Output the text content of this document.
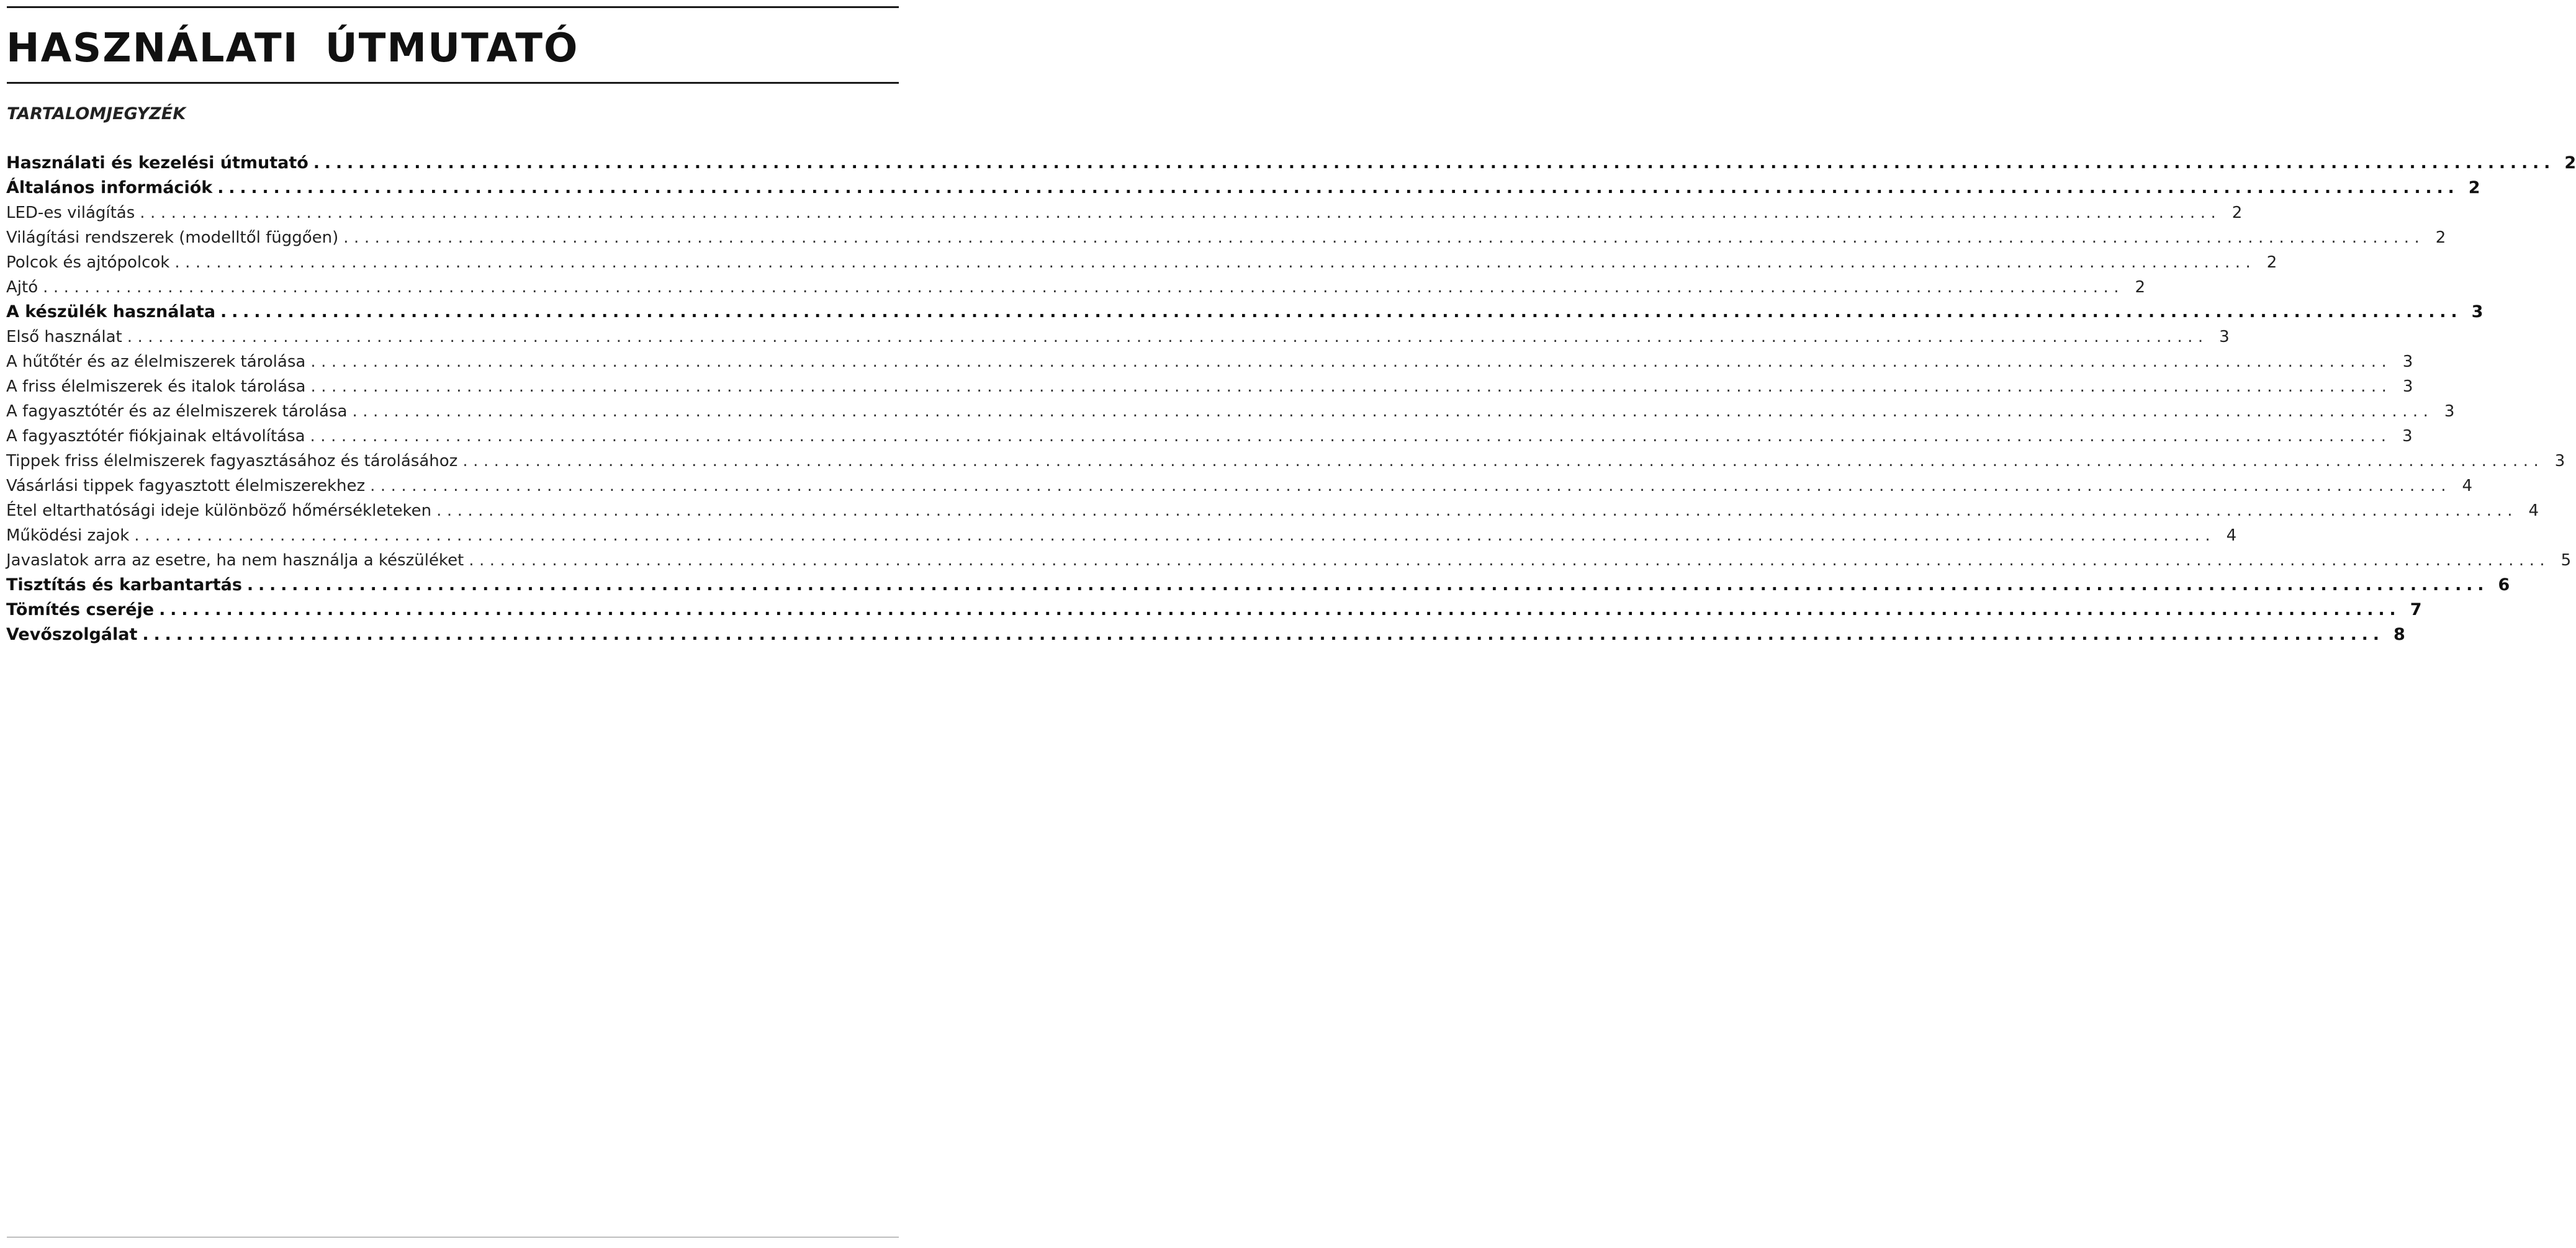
HASZNÁLATI ÚTMUTATÓ
TARTALOMJEGYZÉK
Használati és kezelési útmutató ........................................................................................................................................................................................................ 2
Általános információk ........................................................................................................................................................................................................ 2
LED-es világítás ........................................................................................................................................................................................................ 2
Világítási rendszerek (modelltől függően) ........................................................................................................................................................................................................ 2
Polcok és ajtópolcok ........................................................................................................................................................................................................ 2
Ajtó ........................................................................................................................................................................................................ 2
A készülék használata ........................................................................................................................................................................................................ 3
Első használat ........................................................................................................................................................................................................ 3
A hűtőtér és az élelmiszerek tárolása ........................................................................................................................................................................................................ 3
A friss élelmiszerek és italok tárolása ........................................................................................................................................................................................................ 3
A fagyasztótér és az élelmiszerek tárolása ........................................................................................................................................................................................................ 3
A fagyasztótér fiókjainak eltávolítása ........................................................................................................................................................................................................ 3
Tippek friss élelmiszerek fagyasztásához és tárolásához ........................................................................................................................................................................................................ 3
Vásárlási tippek fagyasztott élelmiszerekhez ........................................................................................................................................................................................................ 4
Étel eltarthatósági ideje különböző hőmérsékleteken ........................................................................................................................................................................................................ 4
Működési zajok ........................................................................................................................................................................................................ 4
Javaslatok arra az esetre, ha nem használja a készüléket ........................................................................................................................................................................................................ 5
Tisztítás és karbantartás ........................................................................................................................................................................................................ 6
Tömítés cseréje ........................................................................................................................................................................................................ 7
Vevőszolgálat ........................................................................................................................................................................................................ 8
